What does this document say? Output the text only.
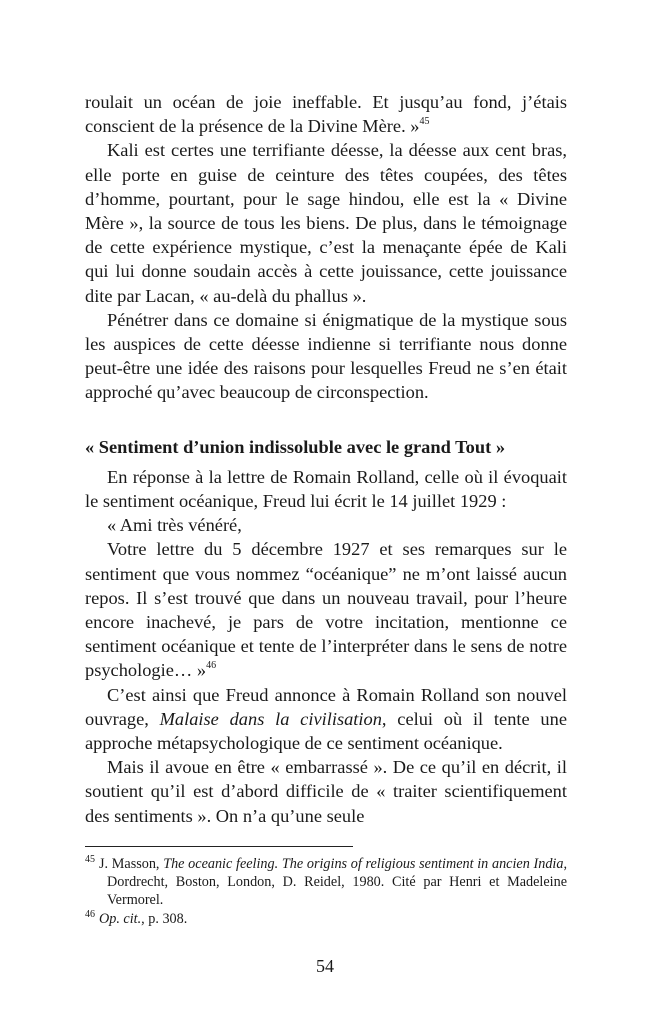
roulait un océan de joie ineffable. Et jusqu’au fond, j’étais conscient de la présence de la Divine Mère. »$^{45}$

Kali est certes une terrifiante déesse, la déesse aux cent bras, elle porte en guise de ceinture des têtes coupées, des têtes d’homme, pourtant, pour le sage hindou, elle est la « Divine Mère », la source de tous les biens. De plus, dans le témoignage de cette expérience mystique, c’est la menaçante épée de Kali qui lui donne soudain accès à cette jouissance, cette jouissance dite par Lacan, « au-delà du phallus ».

Pénétrer dans ce domaine si énigmatique de la mystique sous les auspices de cette déesse indienne si terrifiante nous donne peut-être une idée des raisons pour lesquelles Freud ne s’en était approché qu’avec beaucoup de circonspection.

« Sentiment d’union indissoluble avec le grand Tout »

En réponse à la lettre de Romain Rolland, celle où il évoquait le sentiment océanique, Freud lui écrit le 14 juillet 1929 :

« Ami très vénéré,

Votre lettre du 5 décembre 1927 et ses remarques sur le sentiment que vous nommez “océanique” ne m’ont laissé aucun repos. Il s’est trouvé que dans un nouveau travail, pour l’heure encore inachevé, je pars de votre incitation, mentionne ce sentiment océanique et tente de l’interpréter dans le sens de notre psychologie… »$^{46}$

C’est ainsi que Freud annonce à Romain Rolland son nouvel ouvrage, Malaise dans la civilisation, celui où il tente une approche métapsychologique de ce sentiment océanique.

Mais il avoue en être « embarrassé ». De ce qu’il en décrit, il soutient qu’il est d’abord difficile de « traiter scientifiquement des sentiments ». On n’a qu’une seule

45 J. Masson, The oceanic feeling. The origins of religious sentiment in ancien India, Dordrecht, Boston, London, D. Reidel, 1980. Cité par Henri et Madeleine Vermorel.

46 Op. cit., p. 308.

54
